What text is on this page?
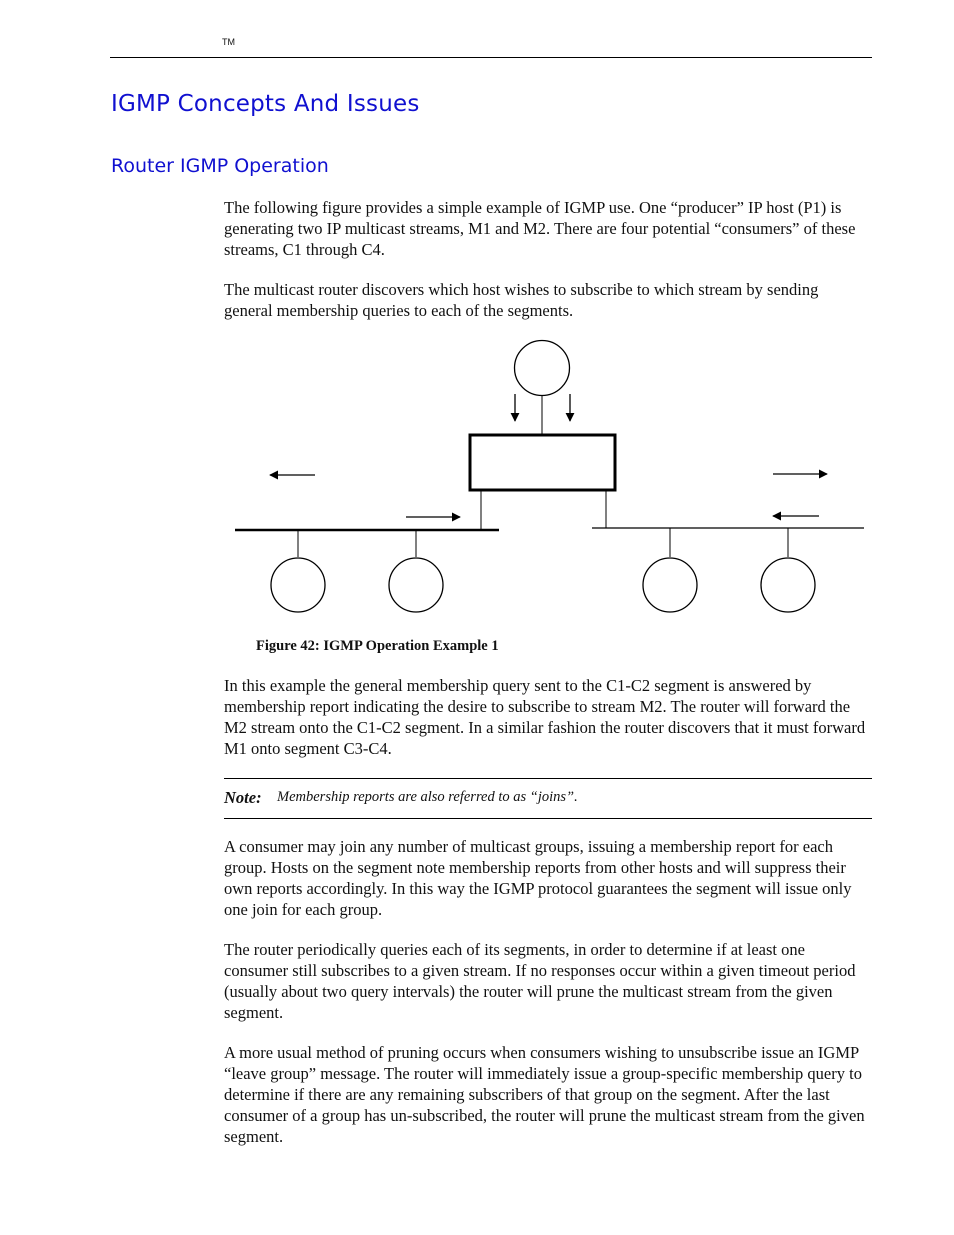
TM
IGMP Concepts And Issues
Router IGMP Operation

The following figure provides a simple example of IGMP use. One “producer” IP host (P1) is generating two IP multicast streams, M1 and M2. There are four potential “consumers” of these streams, C1 through C4.

The multicast router discovers which host wishes to subscribe to which stream by sending general membership queries to each of the segments.

Figure 42: IGMP Operation Example 1

In this example the general membership query sent to the C1-C2 segment is answered by membership report indicating the desire to subscribe to stream M2. The router will forward the M2 stream onto the C1-C2 segment. In a similar fashion the router discovers that it must forward M1 onto segment C3-C4.

Note: Membership reports are also referred to as “joins”.

A consumer may join any number of multicast groups, issuing a membership report for each group. Hosts on the segment note membership reports from other hosts and will suppress their own reports accordingly. In this way the IGMP protocol guarantees the segment will issue only one join for each group.

The router periodically queries each of its segments, in order to determine if at least one consumer still subscribes to a given stream. If no responses occur within a given timeout period (usually about two query intervals) the router will prune the multicast stream from the given segment.

A more usual method of pruning occurs when consumers wishing to unsubscribe issue an IGMP “leave group” message. The router will immediately issue a group-specific membership query to determine if there are any remaining subscribers of that group on the segment. After the last consumer of a group has un-subscribed, the router will prune the multicast stream from the given segment.
